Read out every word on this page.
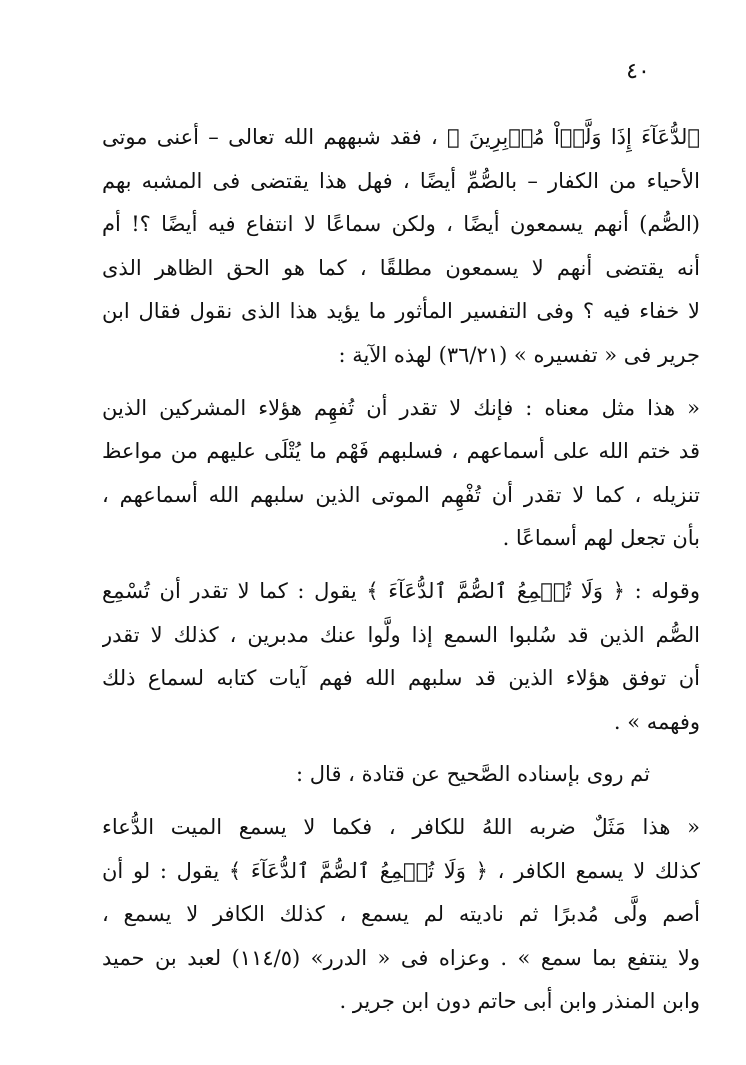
٤٠
ٱلدُّعَآءَ إِذَا وَلَّوۡاْ مُدۡبِرِينَ ﴾ ، فقد شبههم الله تعالى – أعنى موتى
الأحياء من الكفار – بالصُّمِّ أيضًا ، فهل هذا يقتضى فى المشبه بهم
(الصُّم) أنهم يسمعون أيضًا ، ولكن سماعًا لا انتفاع فيه أيضًا ؟! أم
أنه يقتضى أنهم لا يسمعون مطلقًا ، كما هو الحق الظاهر الذى
لا خفاء فيه ؟ وفى التفسير المأثور ما يؤيد هذا الذى نقول فقال ابن
جرير فى « تفسيره » (٣٦/٢١) لهذه الآية :
« هذا مثل معناه : فإنك لا تقدر أن تُفهِم هؤلاء المشركين الذين
قد ختم الله على أسماعهم ، فسلبهم فَهْم ما يُتْلَى عليهم من مواعظ
تنزيله ، كما لا تقدر أن تُفْهِم الموتى الذين سلبهم الله أسماعهم ،
بأن تجعل لهم أسماعًا .
وقوله : ﴿ وَلَا تُسۡمِعُ ٱلصُّمَّ ٱلدُّعَآءَ ﴾ يقول : كما لا تقدر أن تُسْمِع
الصُّم الذين قد سُلبوا السمع إذا ولَّوا عنك مدبرين ، كذلك لا تقدر
أن توفق هؤلاء الذين قد سلبهم الله فهم آيات كتابه لسماع ذلك
وفهمه » .
ثم روى بإسناده الصَّحيح عن قتادة ، قال :
« هذا مَثَلٌ ضربه اللهُ للكافر ، فكما لا يسمع الميت الدُّعاء
كذلك لا يسمع الكافر ، ﴿ وَلَا تُسۡمِعُ ٱلصُّمَّ ٱلدُّعَآءَ ﴾ يقول : لو أن
أصم ولَّى مُدبرًا ثم ناديته لم يسمع ، كذلك الكافر لا يسمع ،
ولا ينتفع بما سمع » . وعزاه فى « الدرر» (١١٤/٥) لعبد بن حميد
وابن المنذر وابن أبى حاتم دون ابن جرير .
